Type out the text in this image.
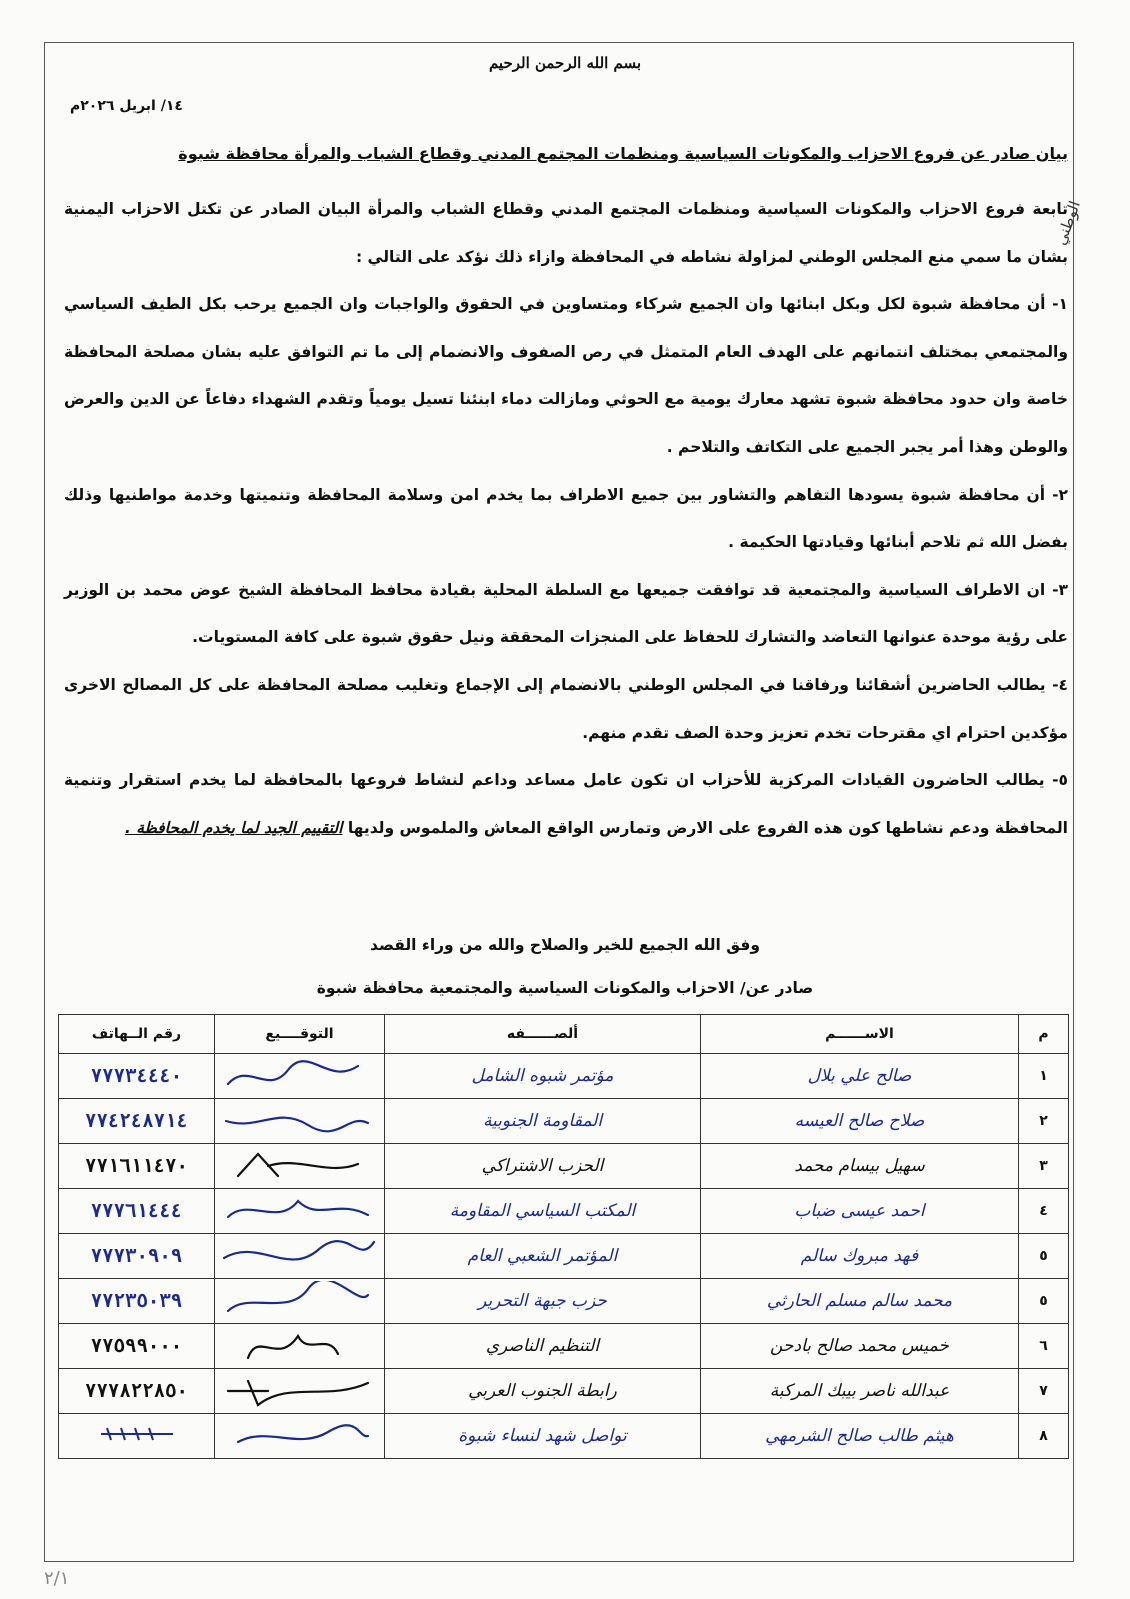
بسم الله الرحمن الرحيم
١٤/ ابريل ٢٠٢٦م
بيان صادر عن فروع الاحزاب والمكونات السياسية ومنظمات المجتمع المدني وقطاع الشباب والمرأة محافظة شبوة
الوطني

تابعة فروع الاحزاب والمكونات السياسية ومنظمات المجتمع المدني وقطاع الشباب والمرأة البيان الصادر عن تكتل الاحزاب اليمنية بشان ما سمي منع المجلس الوطني لمزاولة نشاطه في المحافظة وازاء ذلك نؤكد على التالي :

١- أن محافظة شبوة لكل وبكل ابنائها وان الجميع شركاء ومتساوين في الحقوق والواجبات وان الجميع يرحب بكل الطيف السياسي والمجتمعي بمختلف انتمانهم على الهدف العام المتمثل في رص الصفوف والانضمام إلى ما تم التوافق عليه بشان مصلحة المحافظة خاصة وان حدود محافظة شبوة تشهد معارك يومية مع الحوثي ومازالت دماء ابنئنا تسيل يومياً وتقدم الشهداء دفاعاً عن الدين والعرض والوطن وهذا أمر يجبر الجميع على التكاتف والتلاحم .

٢- أن محافظة شبوة يسودها التفاهم والتشاور بين جميع الاطراف بما يخدم امن وسلامة المحافظة وتنميتها وخدمة مواطنيها وذلك بفضل الله ثم تلاحم أبنائها وقيادتها الحكيمة .

٣- ان الاطراف السياسية والمجتمعية قد توافقت جميعها مع السلطة المحلية بقيادة محافظ المحافظة الشيخ عوض محمد بن الوزير على رؤية موحدة عنوانها التعاضد والتشارك للحفاظ على المنجزات المحققة ونيل حقوق شبوة على كافة المستويات.

٤- يطالب الحاضرين أشقائنا ورفاقنا في المجلس الوطني بالانضمام إلى الإجماع وتغليب مصلحة المحافظة على كل المصالح الاخرى مؤكدين احترام اي مقترحات تخدم تعزيز وحدة الصف تقدم منهم.

٥- يطالب الحاضرون القيادات المركزية للأحزاب ان تكون عامل مساعد وداعم لنشاط فروعها بالمحافظة لما يخدم استقرار وتنمية المحافظة ودعم نشاطها كون هذه الفروع على الارض وتمارس الواقع المعاش والملموس ولديها التقييم الجيد لما يخدم المحافظة .

وفق الله الجميع للخير والصلاح والله من وراء القصد
صادر عن/ الاحزاب والمكونات السياسية والمجتمعية محافظة شبوة
م	الاســــــم	ألصــــــفه	التوقــــيع	رقم الــهاتف
١	صالح علي بلال	مؤتمر شبوه الشامل		٧٧٧٣٤٤٤٠
٢	صلاح صالح العيسه	المقاومة الجنوبية		٧٧٤٢٤٨٧١٤
٣	سهيل بيسام محمد	الحزب الاشتراكي		٧٧١٦١١٤٧٠
٤	احمد عيسى ضباب	المكتب السياسي المقاومة		٧٧٧٦١٤٤٤
٥	فهد مبروك سالم	المؤتمر الشعبي العام		٧٧٧٣٠٩٠٩
٥	محمد سالم مسلم الحارثي	حزب جبهة التحرير		٧٧٢٣٥٠٣٩
٦	خميس محمد صالح بادحن	التنظيم الناصري		٧٧٥٩٩٠٠٠
٧	عبدالله ناصر بيبك المركبة	رابطة الجنوب العربي		٧٧٧٨٢٢٨٥٠
٨	هيثم طالب صالح الشرمهي	تواصل شهد لنساء شبوة	

٢/١
